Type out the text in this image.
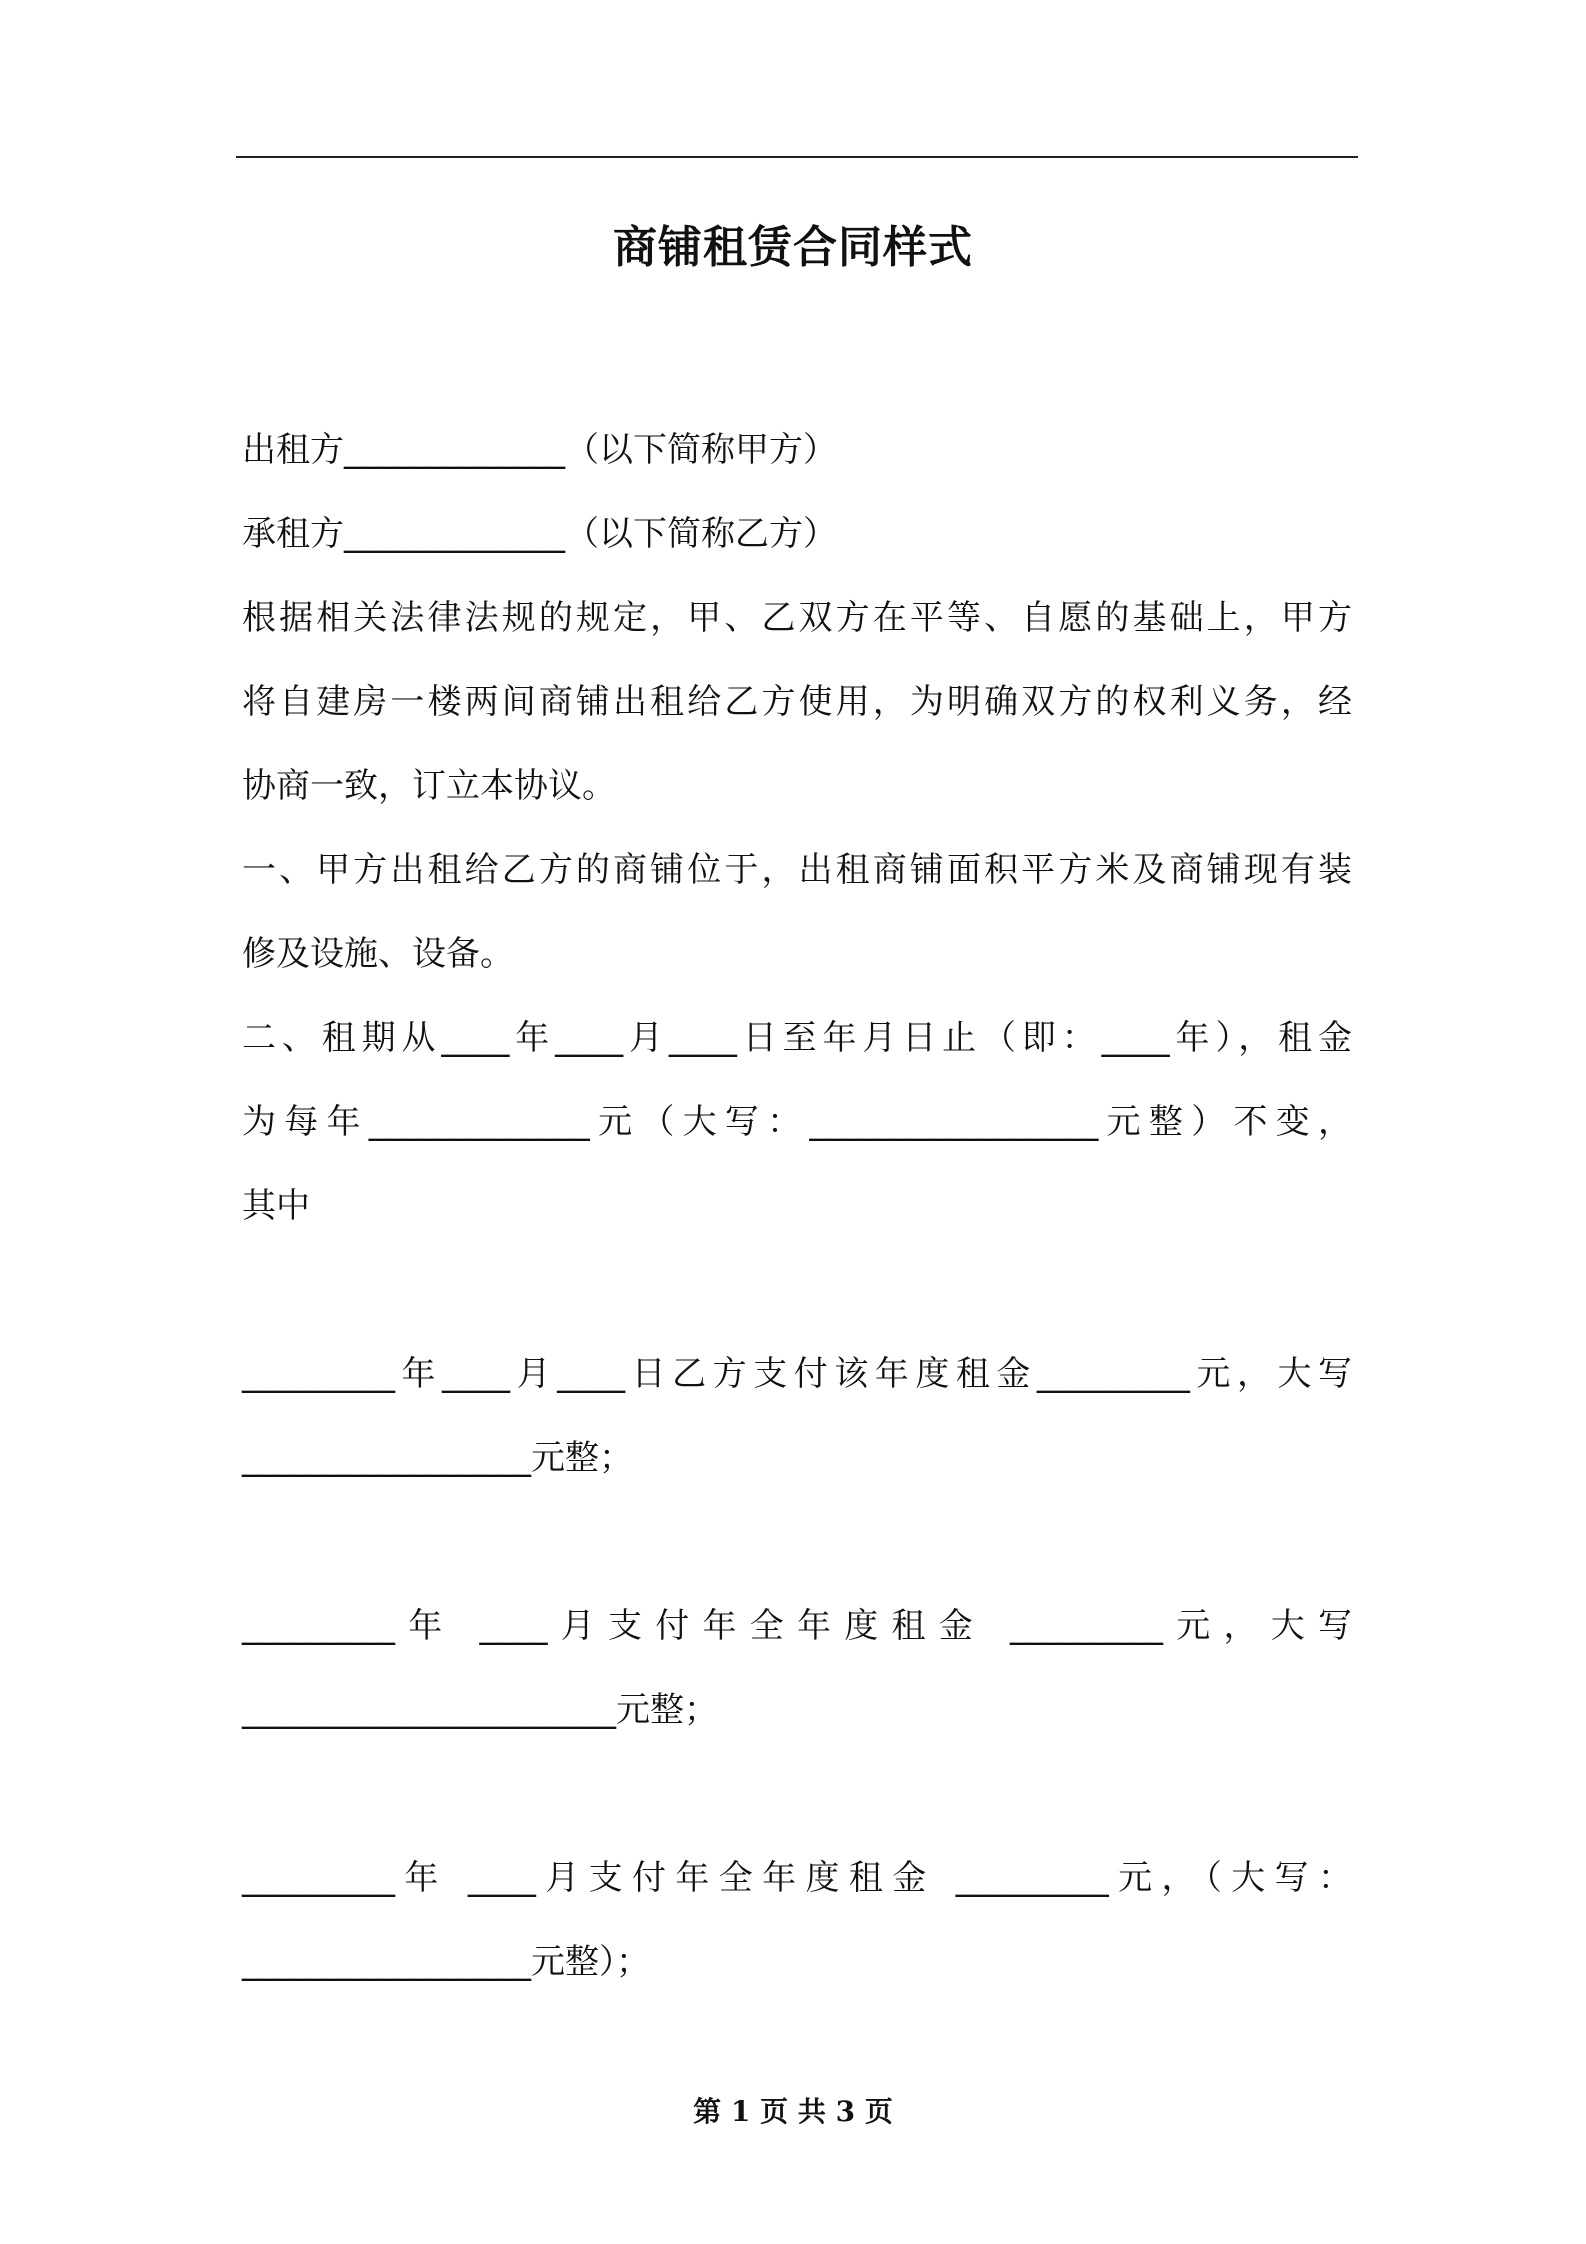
商铺租赁合同样式
出租方_____________（以下简称甲方）
承租方_____________（以下简称乙方）
根据相关法律法规的规定，甲、乙双方在平等、自愿的基础上，甲方
将自建房一楼两间商铺出租给乙方使用，为明确双方的权利义务，经
协商一致，订立本协议。
一、甲方出租给乙方的商铺位于，出租商铺面积平方米及商铺现有装
修及设施、设备。
二、租期从____年____月____日至年月日止（即：____年），租金
为每年_____________元（大写：_________________元整）不变，
其中
_________年____月____日乙方支付该年度租金_________元，大写
_________________元整；
_________年 ____月支付年全年度租金 _________元，大写
______________________元整；
_________年 ____月支付年全年度租金 _________元，（大写：
_________________元整）；
第 1 页 共 3 页
